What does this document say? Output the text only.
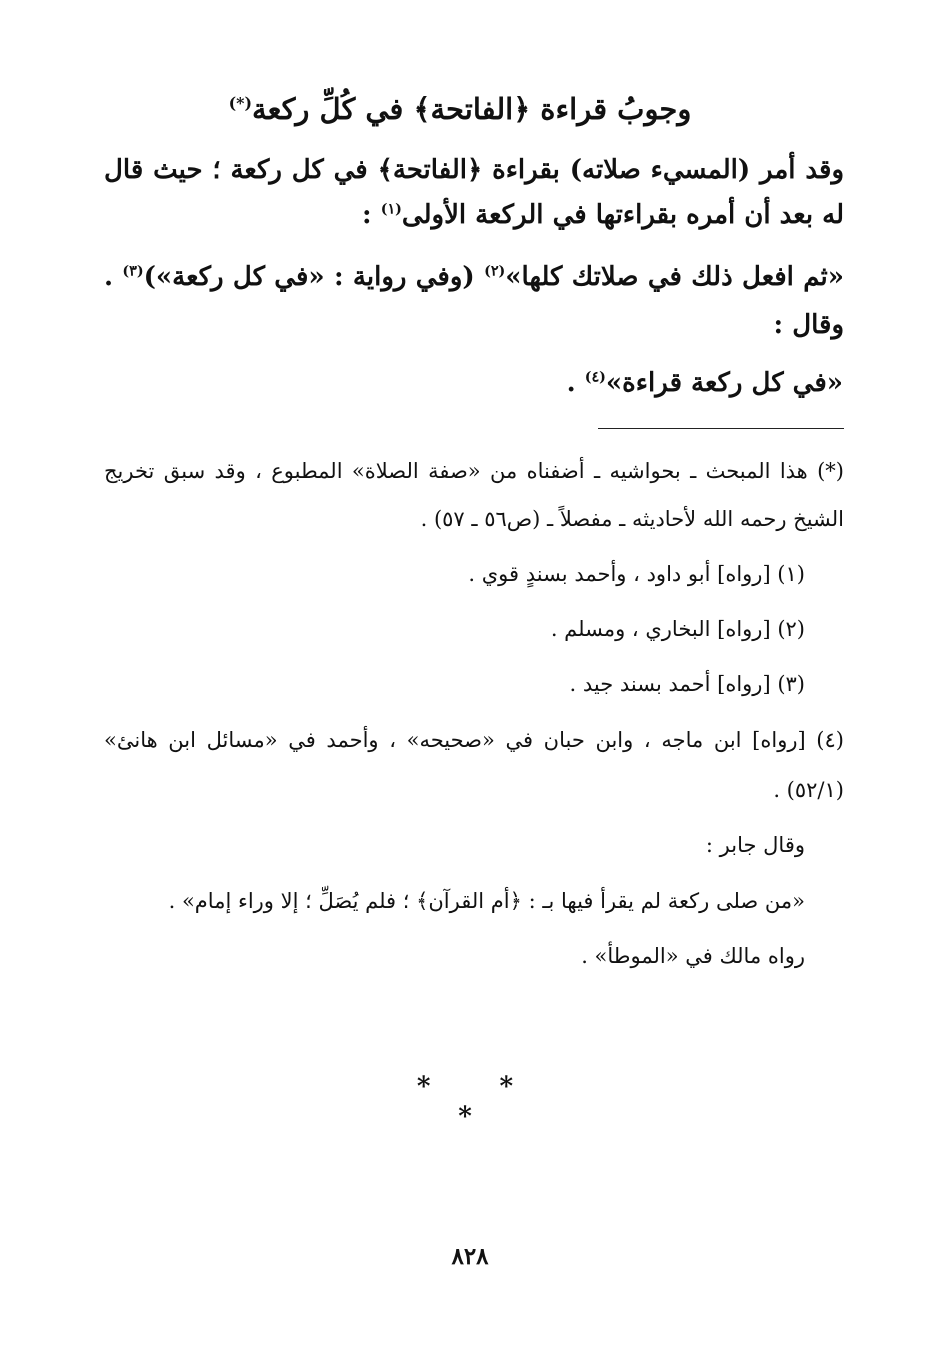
وجوبُ قراءة ﴿الفاتحة﴾ في كُلِّ ركعة(*)
وقد أمر (المسيء صلاته) بقراءة ﴿الفاتحة﴾ في كل ركعة ؛ حيث قال
له بعد أن أمره بقراءتها في الركعة الأولى$^{(١)}$ :
«ثم افعل ذلك في صلاتك كلها»$^{(٢)}$ (وفي رواية : «في كل ركعة»)$^{(٣)}$ .
وقال :
«في كل ركعة قراءة»$^{(٤)}$ .
(*) هذا المبحث ـ بحواشيه ـ أضفناه من «صفة الصلاة» المطبوع ، وقد سبق تخريج
الشيخ رحمه الله لأحاديثه ـ مفصلاً ـ (ص٥٦ ـ ٥٧) .
(١) [رواه] أبو داود ، وأحمد بسندٍ قوي .
(٢) [رواه] البخاري ، ومسلم .
(٣) [رواه] أحمد بسند جيد .
(٤) [رواه] ابن ماجه ، وابن حبان في «صحيحه» ، وأحمد في «مسائل ابن هانئ»
(٥٢/١) .
وقال جابر :
«من صلى ركعة لم يقرأ فيها بـ : ﴿أم القرآن﴾ ؛ فلم يُصَلِّ ؛ إلا وراء إمام» .
رواه مالك في «الموطأ» .
* * *
٨٢٨
